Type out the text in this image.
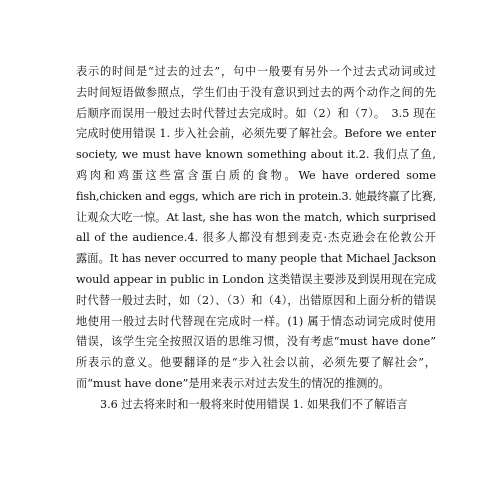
表示的时间是“过去的过去”，句中一般要有另外一个过去式动词或过
去时间短语做参照点，学生们由于没有意识到过去的两个动作之间的先
后顺序而误用一般过去时代替过去完成时。如（2）和（7）。　3.5 现在
完成时使用错误 1. 步入社会前，必须先要了解社会。Before we enter
society, we must have known something about it.2. 我们点了鱼,
鸡肉和鸡蛋这些富含蛋白质的食物。We have ordered some
fish,chicken and eggs, which are rich in protein.3. 她最终赢了比赛,
让观众大吃一惊。At last, she has won the match, which surprised
all of the audience.4. 很多人都没有想到麦克·杰克逊会在伦敦公开
露面。It has never occurred to many people that Michael Jackson
would appear in public in London 这类错误主要涉及到误用现在完成
时代替一般过去时，如（2）、（3）和（4），出错原因和上面分析的错误
地使用一般过去时代替现在完成时一样。(1) 属于情态动词完成时使用
错误，该学生完全按照汉语的思维习惯，没有考虑“must have done”
所表示的意义。他要翻译的是“步入社会以前，必须先要了解社会”，
而“must have done”是用来表示对过去发生的情况的推测的。
3.6 过去将来时和一般将来时使用错误 1. 如果我们不了解语言
